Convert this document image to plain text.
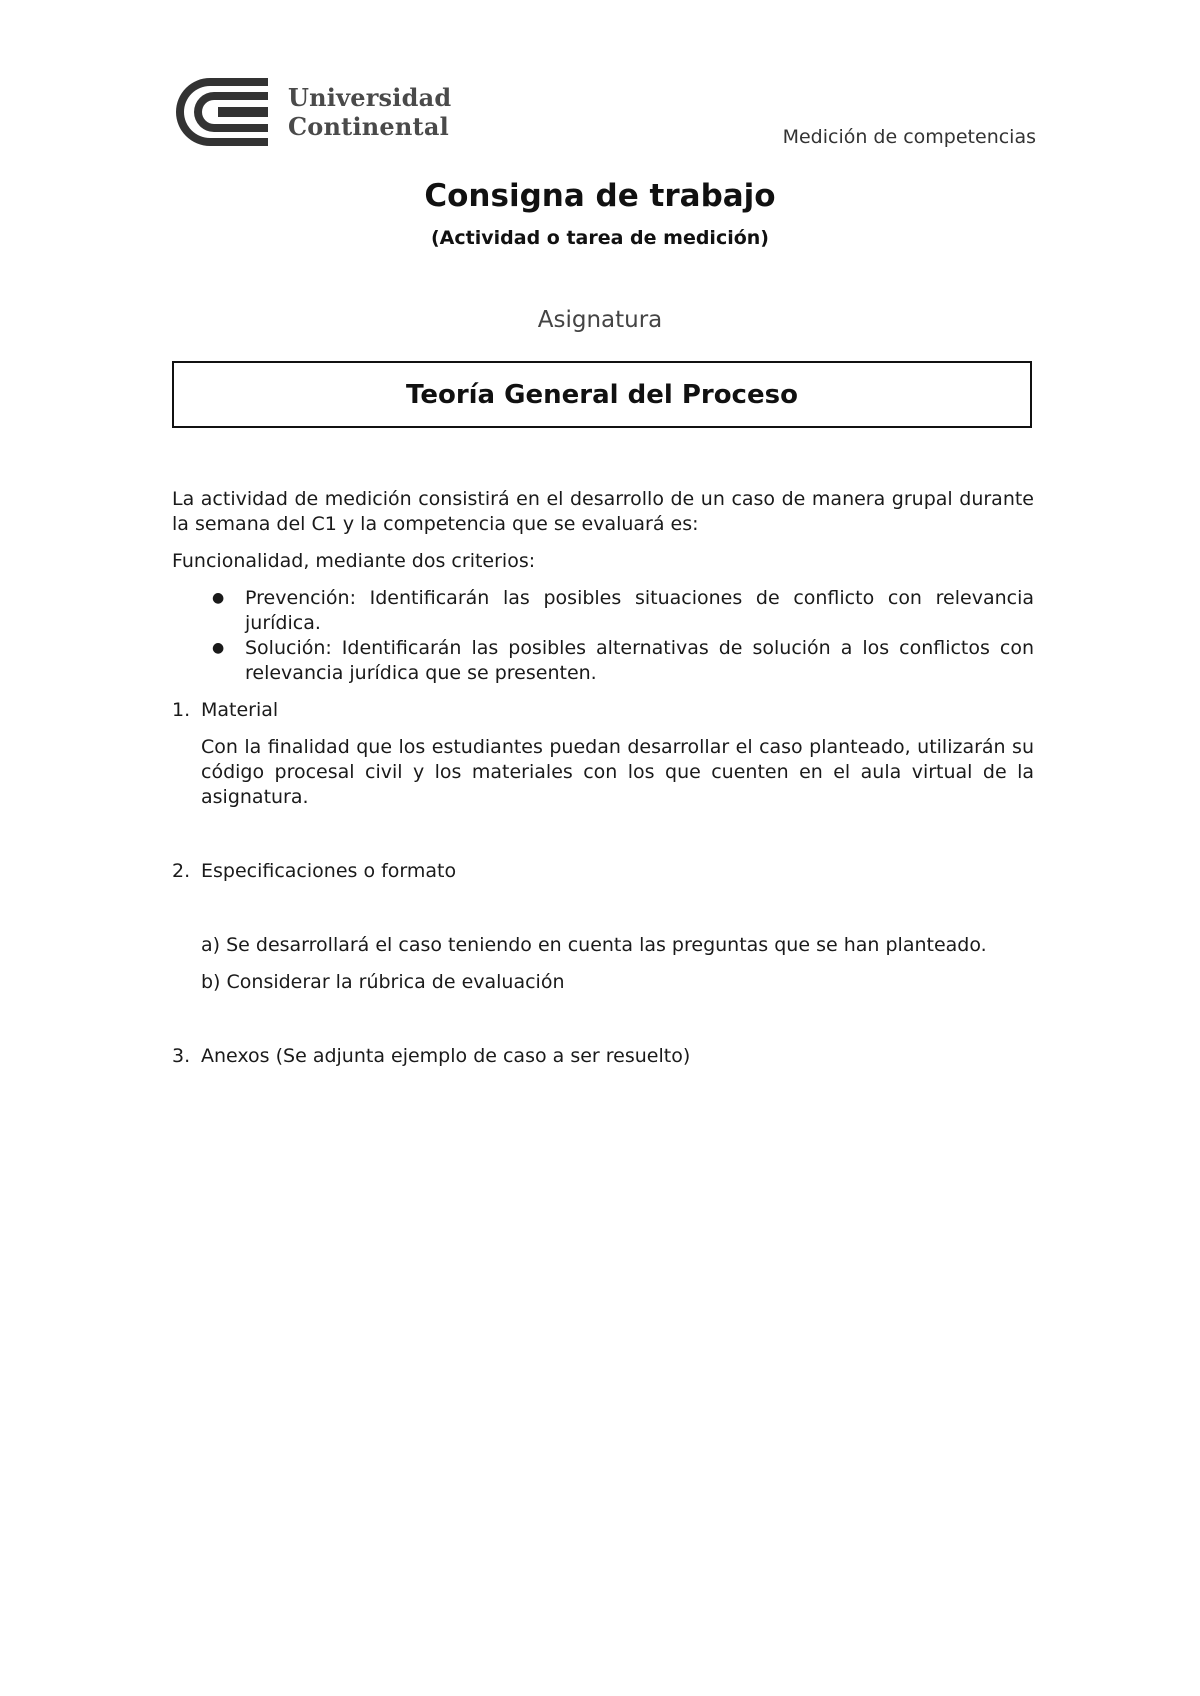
Universidad
Continental	Medición de competencias
Consigna de trabajo
(Actividad o tarea de medición)
Asignatura
Teoría General del Proceso

La actividad de medición consistirá en el desarrollo de un caso de manera grupal durante la semana del C1 y la competencia que se evaluará es:

Funcionalidad, mediante dos criterios:

● Prevención: Identificarán las posibles situaciones de conflicto con relevancia jurídica.
● Solución: Identificarán las posibles alternativas de solución a los conflictos con relevancia jurídica que se presenten.
1. Material

Con la finalidad que los estudiantes puedan desarrollar el caso planteado, utilizarán su código procesal civil y los materiales con los que cuenten en el aula virtual de la asignatura.

2. Especificaciones o formato

a) Se desarrollará el caso teniendo en cuenta las preguntas que se han planteado.

b) Considerar la rúbrica de evaluación

3. Anexos (Se adjunta ejemplo de caso a ser resuelto)
